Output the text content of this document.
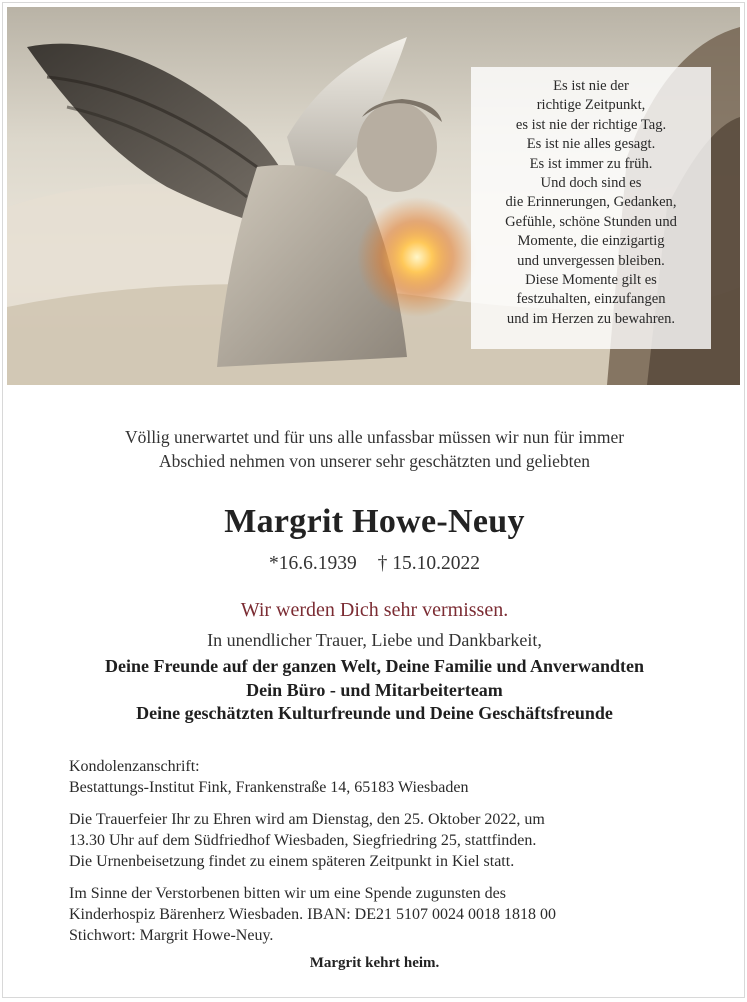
Es ist nie der
richtige Zeitpunkt,
es ist nie der richtige Tag.
Es ist nie alles gesagt.
Es ist immer zu früh.
Und doch sind es
die Erinnerungen, Gedanken,
Gefühle, schöne Stunden und
Momente, die einzigartig
und unvergessen bleiben.
Diese Momente gilt es
festzuhalten, einzufangen
und im Herzen zu bewahren.
Völlig unerwartet und für uns alle unfassbar müssen wir nun für immer
Abschied nehmen von unserer sehr geschätzten und geliebten
Margrit Howe-Neuy
*16.6.1939 † 15.10.2022
Wir werden Dich sehr vermissen.
In unendlicher Trauer, Liebe und Dankbarkeit,
Deine Freunde auf der ganzen Welt, Deine Familie und Anverwandten
Dein Büro - und Mitarbeiterteam
Deine geschätzten Kulturfreunde und Deine Geschäftsfreunde
Kondolenzanschrift:
Bestattungs-Institut Fink, Frankenstraße 14, 65183 Wiesbaden
Die Trauerfeier Ihr zu Ehren wird am Dienstag, den 25. Oktober 2022, um
13.30 Uhr auf dem Südfriedhof Wiesbaden, Siegfriedring 25, stattfinden.
Die Urnenbeisetzung findet zu einem späteren Zeitpunkt in Kiel statt.
Im Sinne der Verstorbenen bitten wir um eine Spende zugunsten des
Kinderhospiz Bärenherz Wiesbaden. IBAN: DE21 5107 0024 0018 1818 00
Stichwort: Margrit Howe-Neuy.
Margrit kehrt heim.
